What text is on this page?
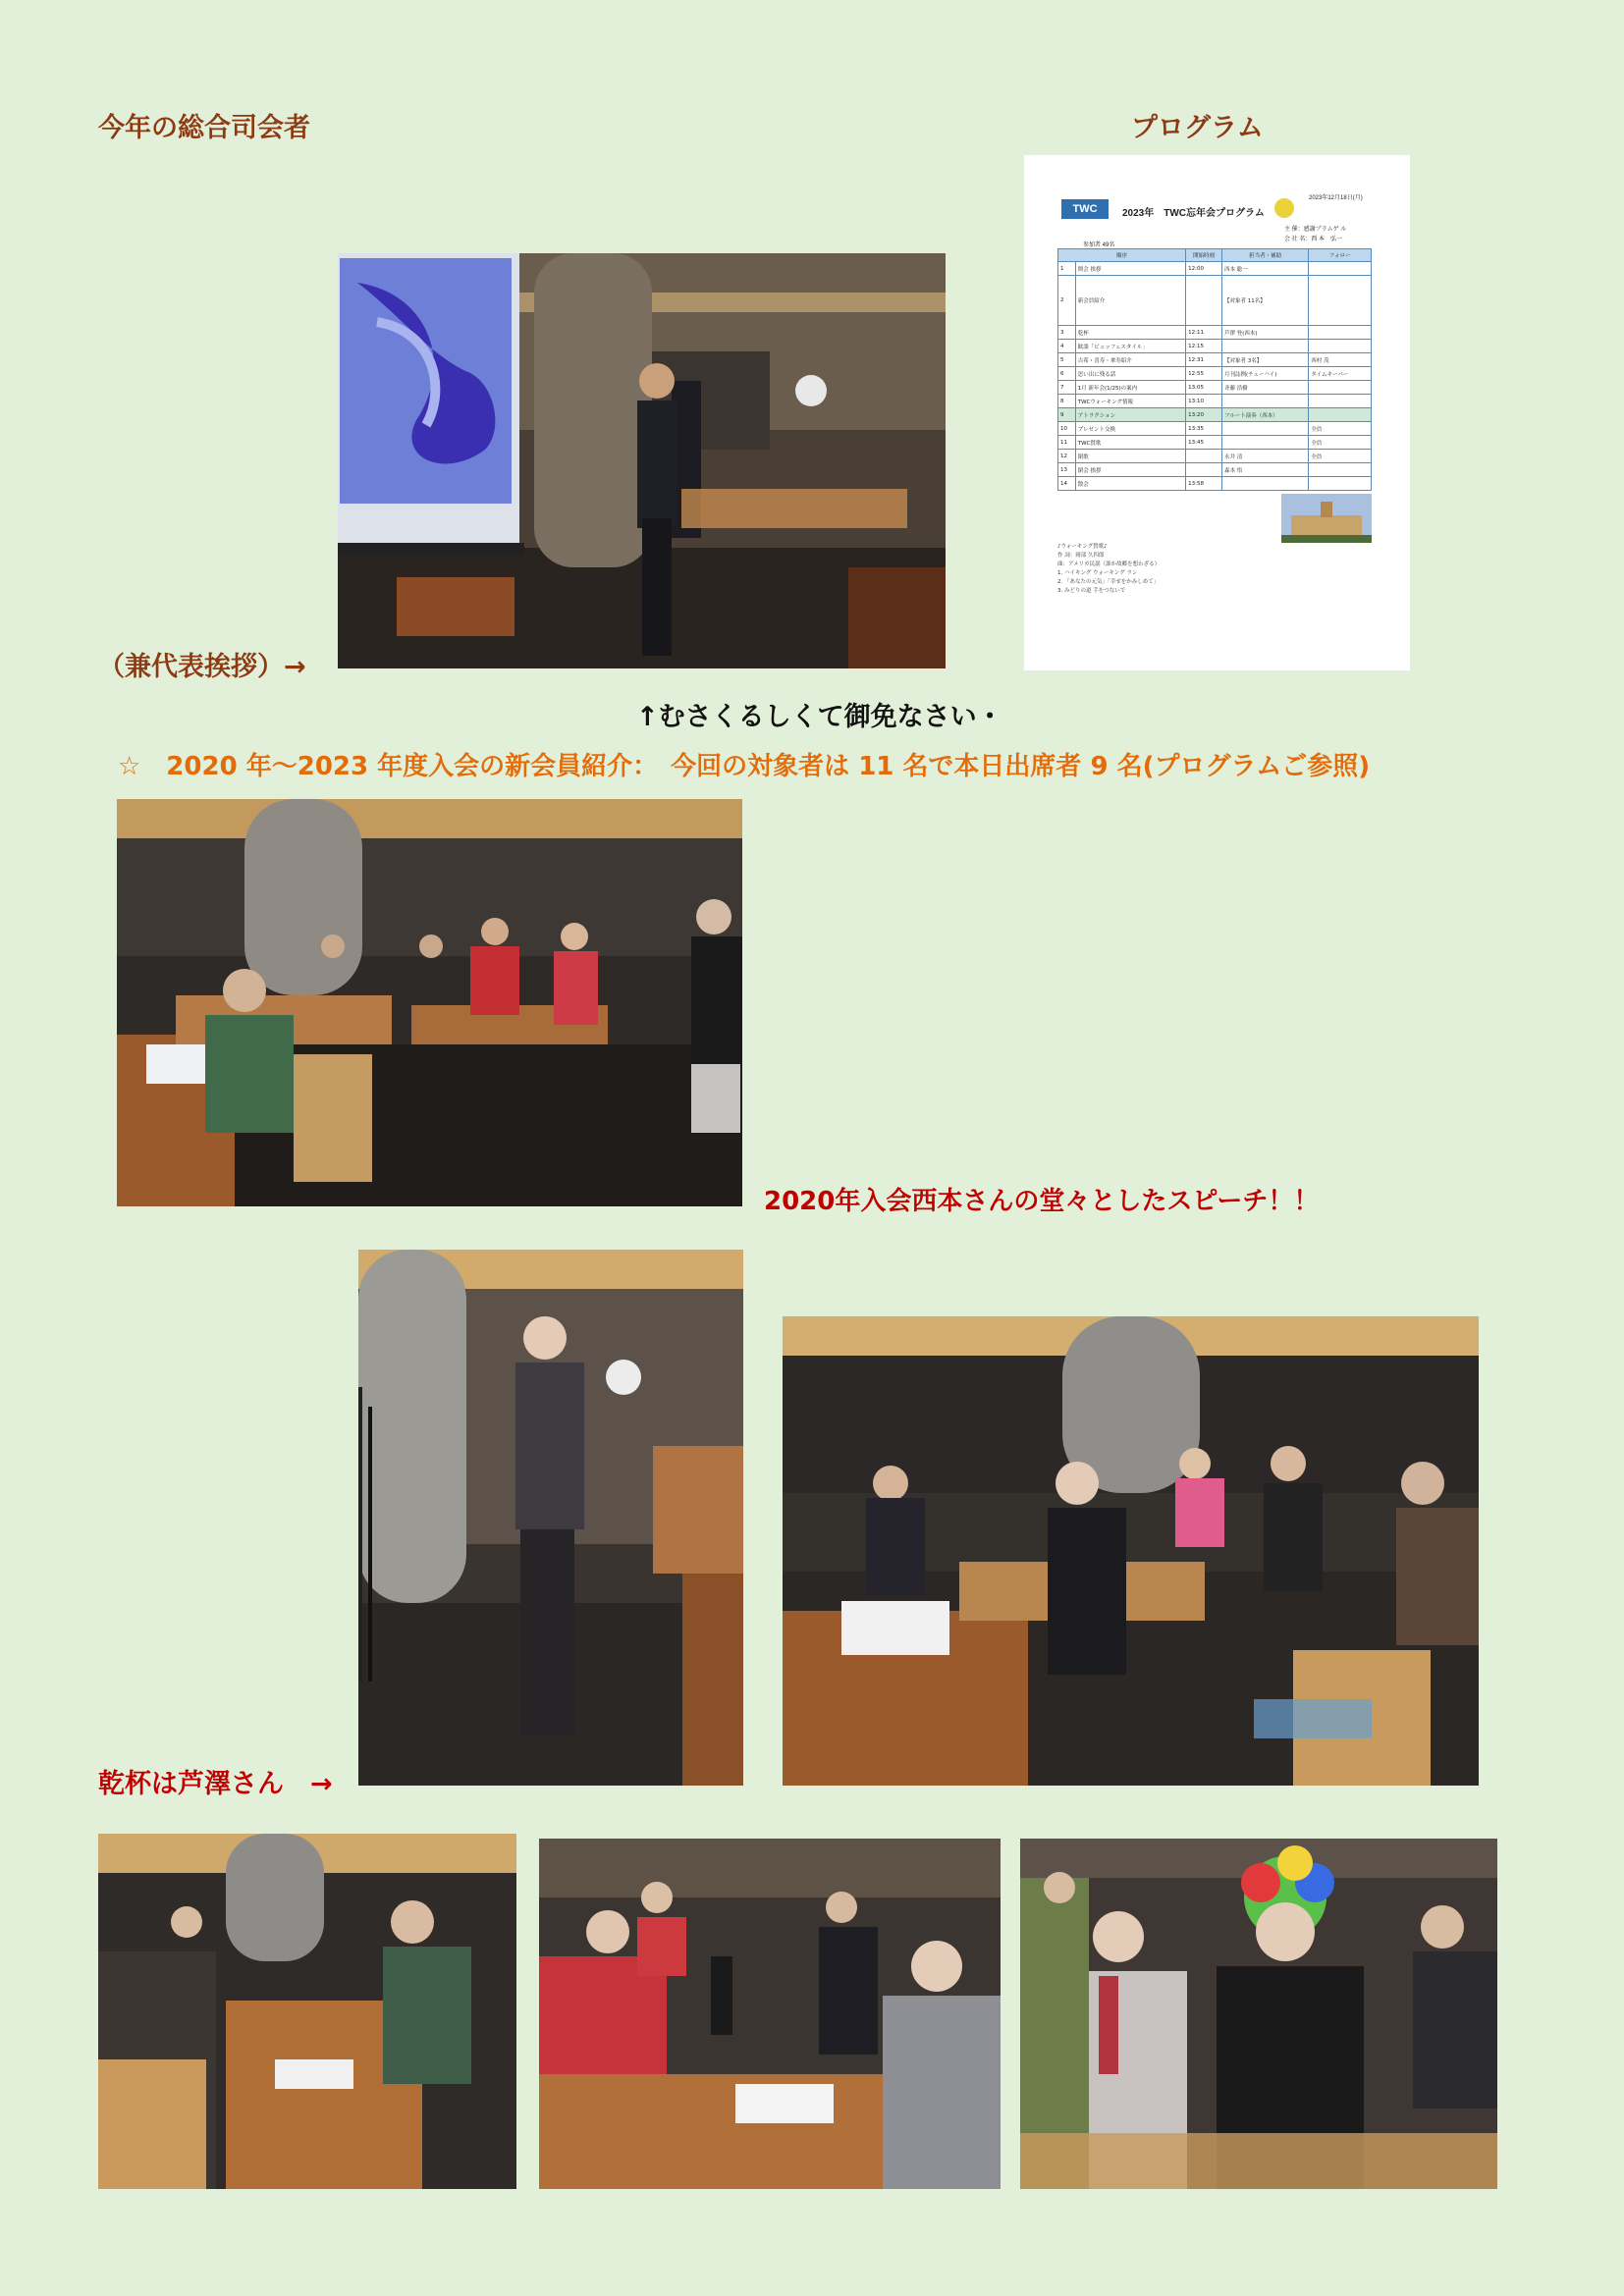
今年の総合司会者	プログラム
（兼代表挨拶）→
↑むさくるしくて御免なさい・
☆　2020 年～2023 年度入会の新会員紹介：　今回の対象者は 11 名で本日出席者 9 名(プログラムご参照)
2020年入会西本さんの堂々としたスピーチ！！
乾杯は芦澤さん　→
TWC	2023年　TWC忘年会プログラム
2023年12月18日(月)
主 催：感謝プラムゲ ル
会 社 名：西 本　弘一
参加者 49名
順序		開始時刻	担当者・補助	フォロー
1	開会 挨拶	12:00	西本 聡一	
2	新会員紹介		【対象者 11名】	
3	乾杯	12:11	芦澤 登(西本)	
4	歓談「ビュッフェスタイル」	12:15		
5	古希・喜寿・傘寿紹介	12:31	【対象者 3名】	西村 茂
6	思い出に残る話	12:55	月刊誌例(チューハイ)	タイムキーパー
7	1月 新年会(1/25)の案内	13:05	斉藤 浩樹	
8	TWCウォーキング情報	13:10		
9	アトラクション	13:20	フルート演奏（西本）	
10	プレゼント交換	13:35		全員
11	TWC賛歌	13:45		全員
12	閉歌		永井 清	全員
13	閉会 挨拶		森本 悟	
14	散会	13:58		
♪ウォーキング賛歌♪
作 詞：岡部 久四郎
曲：アメリカ民謡（誰か故郷を想わざる）
1. ハイキング ウォーキング ラン
2. 「あなたの元気」「幸せをかみしめて」
3. みどりの道 手をつないで
